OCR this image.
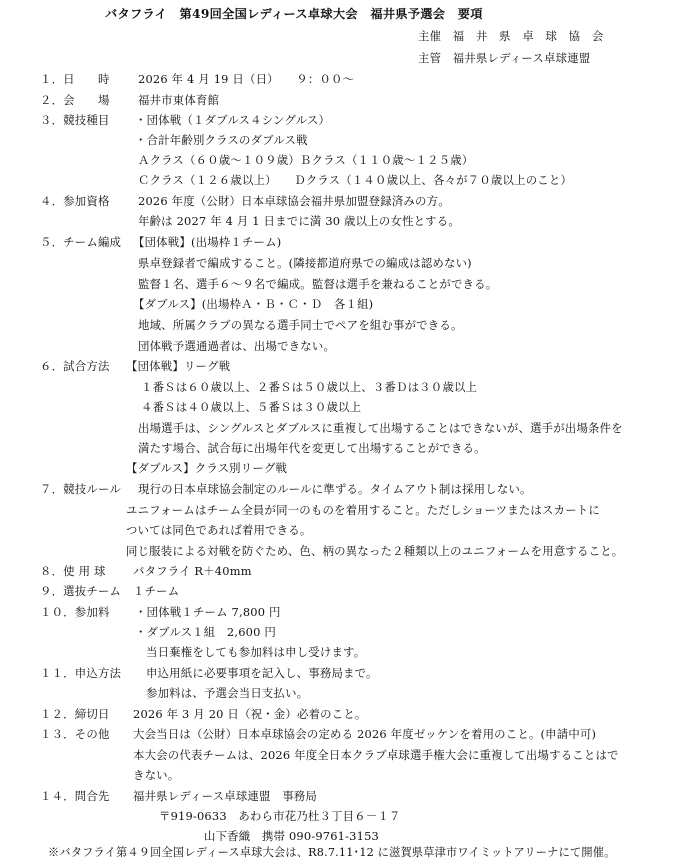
バタフライ　第49回全国レディース卓球大会　福井県予選会　要項
主催　福　井　県　卓　球　協　会
主管　福井県レディース卓球連盟
１．日　　時 2026 年 4 月 19 日（日）　　９：００～
２．会　　場 福井市東体育館
３．競技種目 ・団体戦（１ダブルス４シングルス）
・合計年齢別クラスのダブルス戦
Ａクラス（６０歳～１０９歳）Ｂクラス（１１０歳～１２５歳）
Ｃクラス（１２６歳以上）　　Ｄクラス（１４０歳以上、各々が７０歳以上のこと）
４．参加資格 2026 年度（公財）日本卓球協会福井県加盟登録済みの方。
年齢は 2027 年 4 月 1 日までに満 30 歳以上の女性とする。
５．チーム編成 【団体戦】(出場枠１チーム)
県卓登録者で編成すること。(隣接都道府県での編成は認めない)
監督１名、選手６～９名で編成。監督は選手を兼ねることができる。
【ダブルス】(出場枠Ａ・Ｂ・Ｃ・Ｄ　各１組)
地域、所属クラブの異なる選手同士でペアを組む事ができる。
団体戦予選通過者は、出場できない。
６．試合方法 【団体戦】リーグ戦
１番Ｓは６０歳以上、２番Ｓは５０歳以上、３番Ｄは３０歳以上
４番Ｓは４０歳以上、５番Ｓは３０歳以上
出場選手は、シングルスとダブルスに重複して出場することはできないが、選手が出場条件を
満たす場合、試合毎に出場年代を変更して出場することができる。
【ダブルス】クラス別リーグ戦
７．競技ルール 現行の日本卓球協会制定のルールに準ずる。タイムアウト制は採用しない。
ユニフォームはチーム全員が同一のものを着用すること。ただしショーツまたはスカートに
ついては同色であれば着用できる。
同じ服装による対戦を防ぐため、色、柄の異なった２種類以上のユニフォームを用意すること。
８．使 用 球 バタフライ R＋40mm
９．選抜チーム １チーム
１０．参加料 ・団体戦１チーム 7,800 円
・ダブルス１組　2,600 円
当日棄権をしても参加料は申し受けます。
１１．申込方法 申込用紙に必要事項を記入し、事務局まで。
参加料は、予選会当日支払い。
１２．締切日 2026 年 3 月 20 日（祝・金）必着のこと。
１３．その他 大会当日は（公財）日本卓球協会の定める 2026 年度ゼッケンを着用のこと。(申請中可)
本大会の代表チームは、2026 年度全日本クラブ卓球選手権大会に重複して出場することはで
きない。
１４．問合先 福井県レディース卓球連盟　事務局
〒919-0633　あわら市花乃杜３丁目６－１７
山下香織　携帯 090-9761-3153
※バタフライ第４９回全国レディース卓球大会は、R8.7.11･12 に滋賀県草津市ワイミットアリーナにて開催。
